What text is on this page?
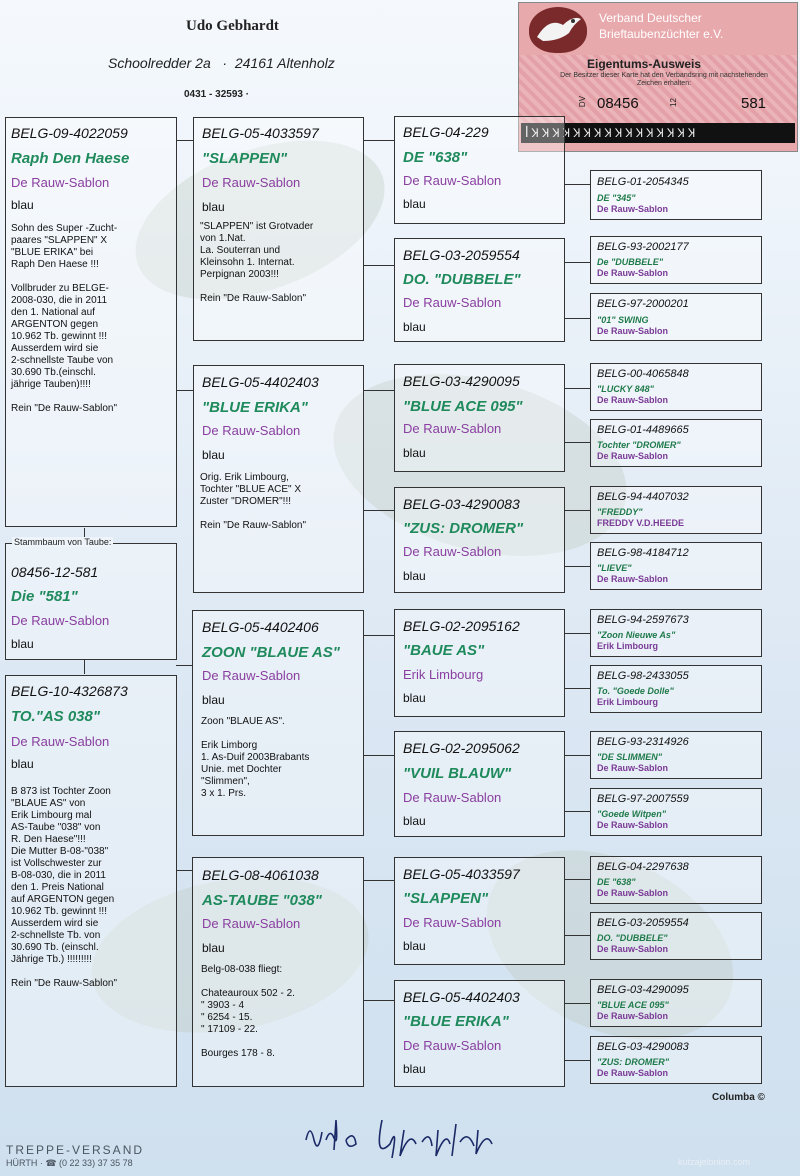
Udo Gebhardt
Schoolredder 2a   ·  24161 Altenholz
0431 - 32593 ·
Verband Deutscher
Brieftaubenzüchter e.V.
Eigentums-Ausweis
Der Besitzer dieser Karte hat den Verbandsring mit nachstehenden Zeichen erhalten:
DV 08456	12	581
ꟾꞰꞰꞰꞰꞰꞰꞰꞰꞰꞰꞰꞰꞰꞰꞰꞰ
BELG-09-4022059
Raph Den Haese
De Rauw-Sablon
blau
Sohn des Super -Zucht-
paares "SLAPPEN" X
"BLUE ERIKA" bei
Raph Den Haese !!!

Vollbruder zu BELGE-
2008-030, die in 2011
den 1. National auf
ARGENTON gegen
10.962 Tb. gewinnt !!!
Ausserdem wird sie
2-schnellste Taube von
30.690 Tb.(einschl.
jährige Tauben)!!!!

Rein "De Rauw-Sablon"
Stammbaum von Taube:
08456-12-581
Die "581"
De Rauw-Sablon
blau
BELG-10-4326873
TO."AS 038"
De Rauw-Sablon
blau
B 873 ist Tochter Zoon
"BLAUE AS" von
Erik Limbourg mal
AS-Taube "038" von
R. Den Haese"!!!
Die Mutter B-08-"038"
ist Vollschwester zur
B-08-030, die in 2011
den 1. Preis National
auf ARGENTON gegen
10.962 Tb. gewinnt !!!
Ausserdem wird sie
2-schnellste Tb. von
30.690 Tb. (einschl.
Jährige Tb.) !!!!!!!!!

Rein "De Rauw-Sablon"
BELG-05-4033597
"SLAPPEN"
De Rauw-Sablon
blau
"SLAPPEN" ist Grotvader
von 1.Nat.
La. Souterran und
Kleinsohn 1. Internat.
Perpignan 2003!!!

Rein "De Rauw-Sablon"
BELG-05-4402403
"BLUE ERIKA"
De Rauw-Sablon
blau
Orig. Erik Limbourg,
Tochter "BLUE ACE" X
Zuster "DROMER"!!!

Rein "De Rauw-Sablon"
BELG-05-4402406
ZOON "BLAUE AS"
De Rauw-Sablon
blau
Zoon "BLAUE AS".

Erik Limborg
1. As-Duif 2003Brabants
Unie. met Dochter
"Slimmen",
3 x 1. Prs.
BELG-08-4061038
AS-TAUBE "038"
De Rauw-Sablon
blau
Belg-08-038 fliegt:

Chateauroux 502 - 2.
" 3903 - 4
" 6254 - 15.
" 17109 - 22.

Bourges 178 - 8.
BELG-04-229
DE "638"
De Rauw-Sablon
blau
BELG-03-2059554
DO. "DUBBELE"
De Rauw-Sablon
blau
BELG-03-4290095
"BLUE ACE 095"
De Rauw-Sablon
blau
BELG-03-4290083
"ZUS: DROMER"
De Rauw-Sablon
blau
BELG-02-2095162
"BAUE AS"
Erik Limbourg
blau
BELG-02-2095062
"VUIL BLAUW"
De Rauw-Sablon
blau
BELG-05-4033597
"SLAPPEN"
De Rauw-Sablon
blau
BELG-05-4402403
"BLUE ERIKA"
De Rauw-Sablon
blau
BELG-01-2054345
DE "345"
De Rauw-Sablon
BELG-93-2002177
De "DUBBELE"
De Rauw-Sablon
BELG-97-2000201
"01" SWING
De Rauw-Sablon
BELG-00-4065848
"LUCKY 848"
De Rauw-Sablon
BELG-01-4489665
Tochter "DROMER"
De Rauw-Sablon
BELG-94-4407032
"FREDDY"
FREDDY V.D.HEEDE
BELG-98-4184712
"LIEVE"
De Rauw-Sablon
BELG-94-2597673
"Zoon Nieuwe As"
Erik Limbourg
BELG-98-2433055
To. "Goede Dolle"
Erik Limbourg
BELG-93-2314926
"DE SLIMMEN"
De Rauw-Sablon
BELG-97-2007559
"Goede Witpen"
De Rauw-Sablon
BELG-04-2297638
DE "638"
De Rauw-Sablon
BELG-03-2059554
DO. "DUBBELE"
De Rauw-Sablon
BELG-03-4290095
"BLUE ACE 095"
De Rauw-Sablon
BELG-03-4290083
"ZUS: DROMER"
De Rauw-Sablon
Columba ©
TREPPE-VERSAND
HÜRTH · ☎ (0 22 33) 37 35 78	kutzajelonion.com
